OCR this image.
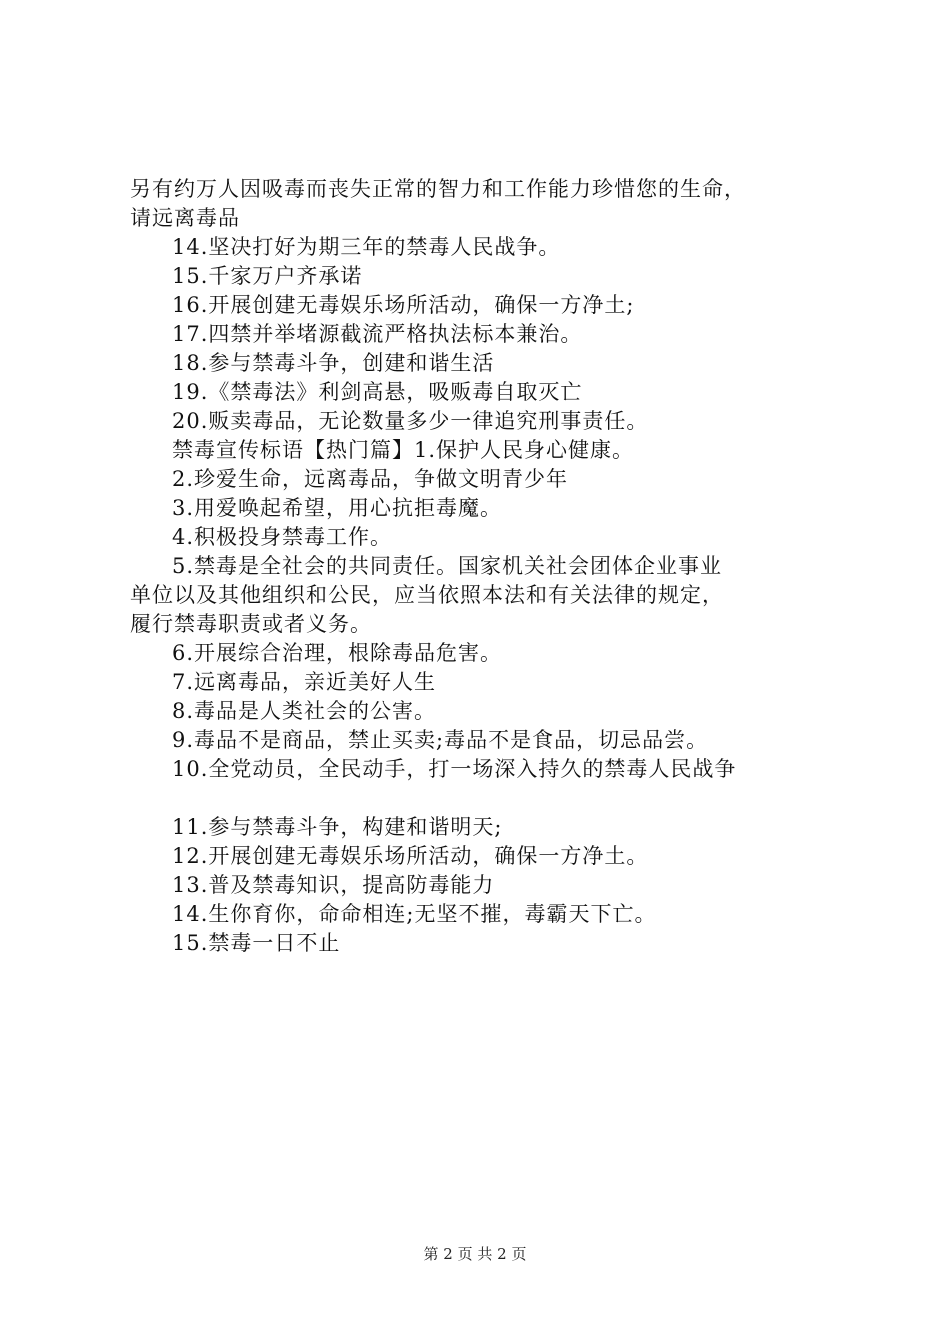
另有约万人因吸毒而丧失正常的智力和工作能力珍惜您的生命，

请远离毒品

14.坚决打好为期三年的禁毒人民战争。

15.千家万户齐承诺

16.开展创建无毒娱乐场所活动，确保一方净土;

17.四禁并举堵源截流严格执法标本兼治。

18.参与禁毒斗争，创建和谐生活

19.《禁毒法》利剑高悬，吸贩毒自取灭亡

20.贩卖毒品，无论数量多少一律追究刑事责任。

禁毒宣传标语【热门篇】1.保护人民身心健康。

2.珍爱生命，远离毒品，争做文明青少年

3.用爱唤起希望，用心抗拒毒魔。

4.积极投身禁毒工作。

5.禁毒是全社会的共同责任。国家机关社会团体企业事业

单位以及其他组织和公民，应当依照本法和有关法律的规定，

履行禁毒职责或者义务。

6.开展综合治理，根除毒品危害。

7.远离毒品，亲近美好人生

8.毒品是人类社会的公害。

9.毒品不是商品，禁止买卖;毒品不是食品，切忌品尝。

10.全党动员，全民动手，打一场深入持久的禁毒人民战争

11.参与禁毒斗争，构建和谐明天;

12.开展创建无毒娱乐场所活动，确保一方净土。

13.普及禁毒知识，提高防毒能力

14.生你育你，命命相连;无坚不摧，毒霸天下亡。

15.禁毒一日不止

第 2 页 共 2 页
